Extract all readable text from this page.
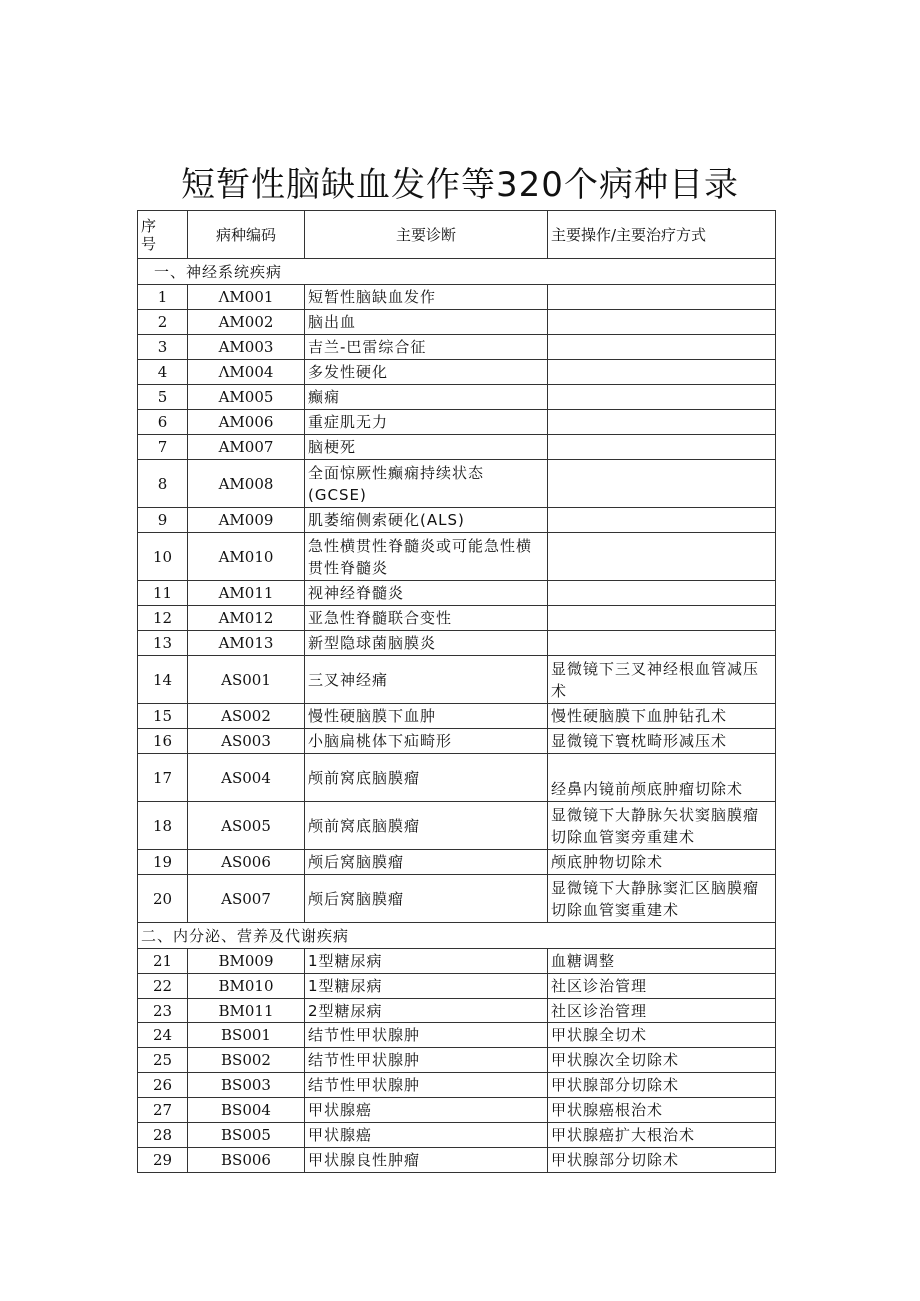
短暂性脑缺血发作等320个病种目录
序
号	病种编码	主要诊断	主要操作/主要治疗方式
一、神经系统疾病			
1	ΛM001	短暂性脑缺血发作	
2	AM002	脑出血	
3	AM003	吉兰-巴雷综合征	
4	ΛM004	多发性硬化	
5	AM005	癫痫	
6	AM006	重症肌无力	
7	AM007	脑梗死	
8	AM008	全面惊厥性癫痫持续状态 (GCSE)	
9	AM009	肌萎缩侧索硬化(ALS)	
10	AM010	急性横贯性脊髓炎或可能急性横贯性脊髓炎	
11	AM011	视神经脊髓炎	
12	AM012	亚急性脊髓联合变性	
13	AM013	新型隐球菌脑膜炎	
14	AS001	三叉神经痛	显微镜下三叉神经根血管减压术
15	AS002	慢性硬脑膜下血肿	慢性硬脑膜下血肿钻孔术
16	AS003	小脑扁桃体下疝畸形	显微镜下寰枕畸形减压术
17	AS004	颅前窝底脑膜瘤	经鼻内镜前颅底肿瘤切除术
18	AS005	颅前窝底脑膜瘤	显微镜下大静脉矢状窦脑膜瘤切除血管窦旁重建术
19	AS006	颅后窝脑膜瘤	颅底肿物切除术
20	AS007	颅后窝脑膜瘤	显微镜下大静脉窦汇区脑膜瘤切除血管窦重建术
二、内分泌、营养及代谢疾病			
21	BM009	1型糖尿病	血糖调整
22	BM010	1型糖尿病	社区诊治管理
23	BM011	2型糖尿病	社区诊治管理
24	BS001	结节性甲状腺肿	甲状腺全切术
25	BS002	结节性甲状腺肿	甲状腺次全切除术
26	BS003	结节性甲状腺肿	甲状腺部分切除术
27	BS004	甲状腺癌	甲状腺癌根治术
28	BS005	甲状腺癌	甲状腺癌扩大根治术
29	BS006	甲状腺良性肿瘤	甲状腺部分切除术
